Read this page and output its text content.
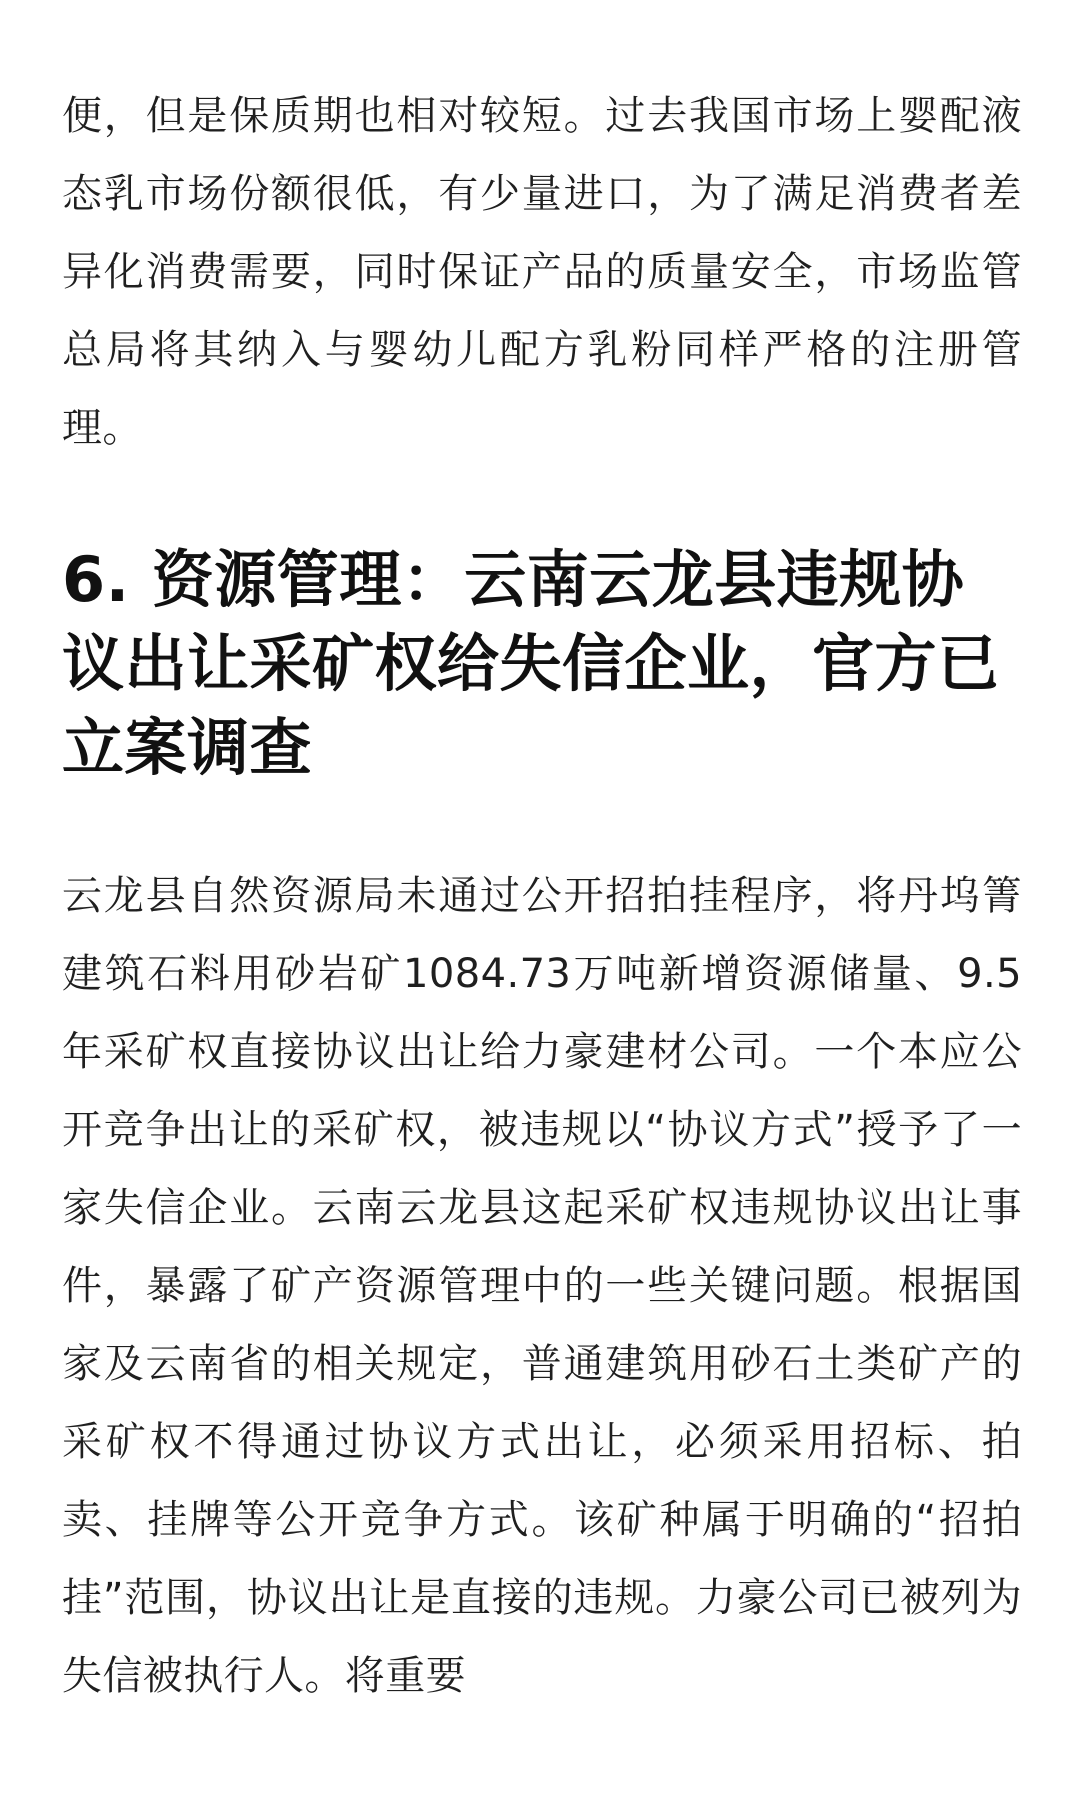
便，但是保质期也相对较短。过去我国市场上婴配液态乳市场份额很低，有少量进口，为了满足消费者差异化消费需要，同时保证产品的质量安全，市场监管总局将其纳入与婴幼儿配方乳粉同样严格的注册管理。

6. 资源管理：云南云龙县违规协议出让采矿权给失信企业，官方已立案调查

云龙县自然资源局未通过公开招拍挂程序，将丹坞箐建筑石料用砂岩矿1084.73万吨新增资源储量、9.5年采矿权直接协议出让给力豪建材公司。一个本应公开竞争出让的采矿权，被违规以“协议方式”授予了一家失信企业。云南云龙县这起采矿权违规协议出让事件，暴露了矿产资源管理中的一些关键问题。根据国家及云南省的相关规定，普通建筑用砂石土类矿产的采矿权不得通过协议方式出让，必须采用招标、拍卖、挂牌等公开竞争方式。该矿种属于明确的“招拍挂”范围，协议出让是直接的违规。力豪公司已被列为失信被执行人。将重要
